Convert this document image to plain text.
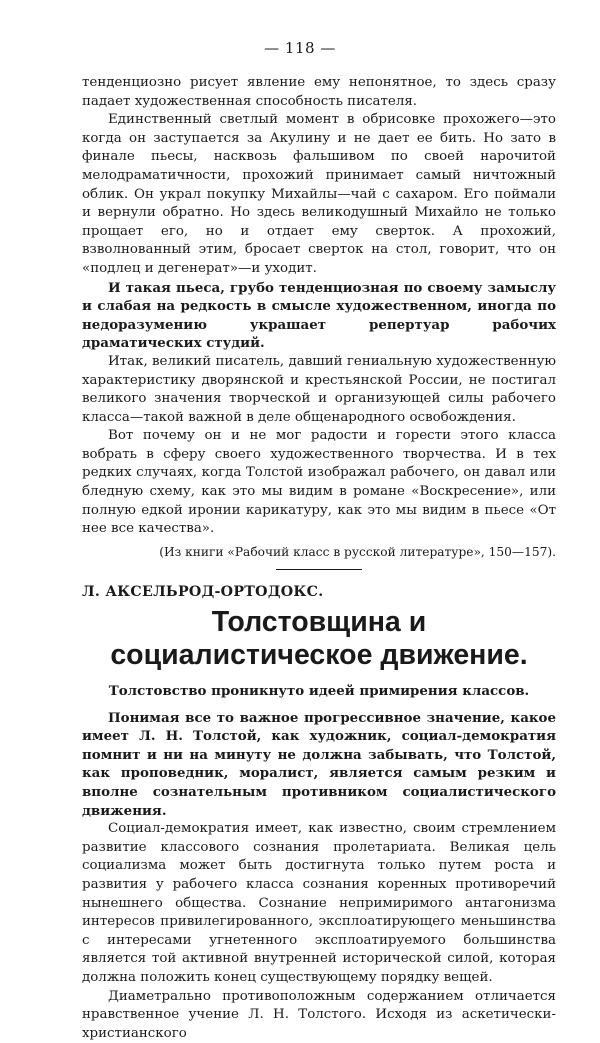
— 118 —

тенденциозно рисует явление ему непонятное, то здесь сразу падает художественная способность писателя.

Единственный светлый момент в обрисовке прохожего—это когда он заступается за Акулину и не дает ее бить. Но зато в финале пьесы, насквозь фальшивом по своей нарочитой мелодраматичности, прохожий принимает самый ничтожный облик. Он украл покупку Михайлы—чай с сахаром. Его поймали и вернули обратно. Но здесь великодушный Михайло не только прощает его, но и отдает ему сверток. А прохожий, взволнованный этим, бросает сверток на стол, говорит, что он «подлец и дегенерат»—и уходит.

И такая пьеса, грубо тенденциозная по своему замыслу и слабая на редкость в смысле художественном, иногда по недоразумению украшает репертуар рабочих драматических студий.

Итак, великий писатель, давший гениальную художественную характеристику дворянской и крестьянской России, не постигал великого значения творческой и организующей силы рабочего класса—такой важной в деле общенародного освобождения.

Вот почему он и не мог радости и горести этого класса вобрать в сферу своего художественного творчества. И в тех редких случаях, когда Толстой изображал рабочего, он давал или бледную схему, как это мы видим в романе «Воскресение», или полную едкой иронии карикатуру, как это мы видим в пьесе «От нее все качества».

(Из книги «Рабочий класс в русской литературе», 150—157).
Л. АКСЕЛЬРОД-ОРТОДОКС.
Толстовщина и социалистическое движение.
Толстовство проникнуто идеей примирения классов.

Понимая все то важное прогрессивное значение, какое имеет Л. Н. Толстой, как художник, социал-демократия помнит и ни на минуту не должна забывать, что Толстой, как проповедник, моралист, является самым резким и вполне сознательным противником социалистического движения.

Социал-демократия имеет, как известно, своим стремлением развитие классового сознания пролетариата. Великая цель социализма может быть достигнута только путем роста и развития у рабочего класса сознания коренных противоречий нынешнего общества. Сознание непримиримого антагонизма интересов привилегированного, эксплоатирующего меньшинства с интересами угнетенного эксплоатируемого большинства является той активной внутренней исторической силой, которая должна положить конец существующему порядку вещей.

Диаметрально противоположным содержанием отличается нравственное учение Л. Н. Толстого. Исходя из аскетически-христианского
